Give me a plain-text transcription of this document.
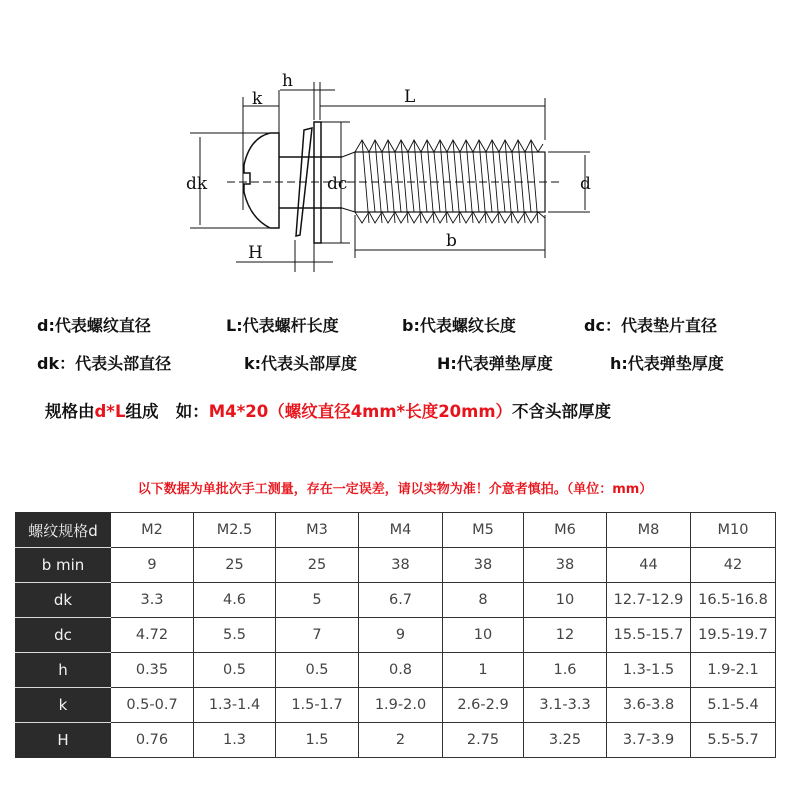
k
h
L
dk	dc	d
H
b
d:代表螺纹直径	L:代表螺杆长度	b:代表螺纹长度	dc：代表垫片直径
dk：代表头部直径	k:代表头部厚度	H:代表弹垫厚度	h:代表弹垫厚度
规格由d*L组成   如：M4*20（螺纹直径4mm*长度20mm）不含头部厚度
以下数据为单批次手工测量，存在一定误差，请以实物为准！介意者慎拍。（单位：mm）
螺纹规格d	M2	M2.5	M3	M4	M5	M6	M8	M10
b min	9	25	25	38	38	38	44	42
dk	3.3	4.6	5	6.7	8	10	12.7-12.9	16.5-16.8
dc	4.72	5.5	7	9	10	12	15.5-15.7	19.5-19.7
h	0.35	0.5	0.5	0.8	1	1.6	1.3-1.5	1.9-2.1
k	0.5-0.7	1.3-1.4	1.5-1.7	1.9-2.0	2.6-2.9	3.1-3.3	3.6-3.8	5.1-5.4
H	0.76	1.3	1.5	2	2.75	3.25	3.7-3.9	5.5-5.7
